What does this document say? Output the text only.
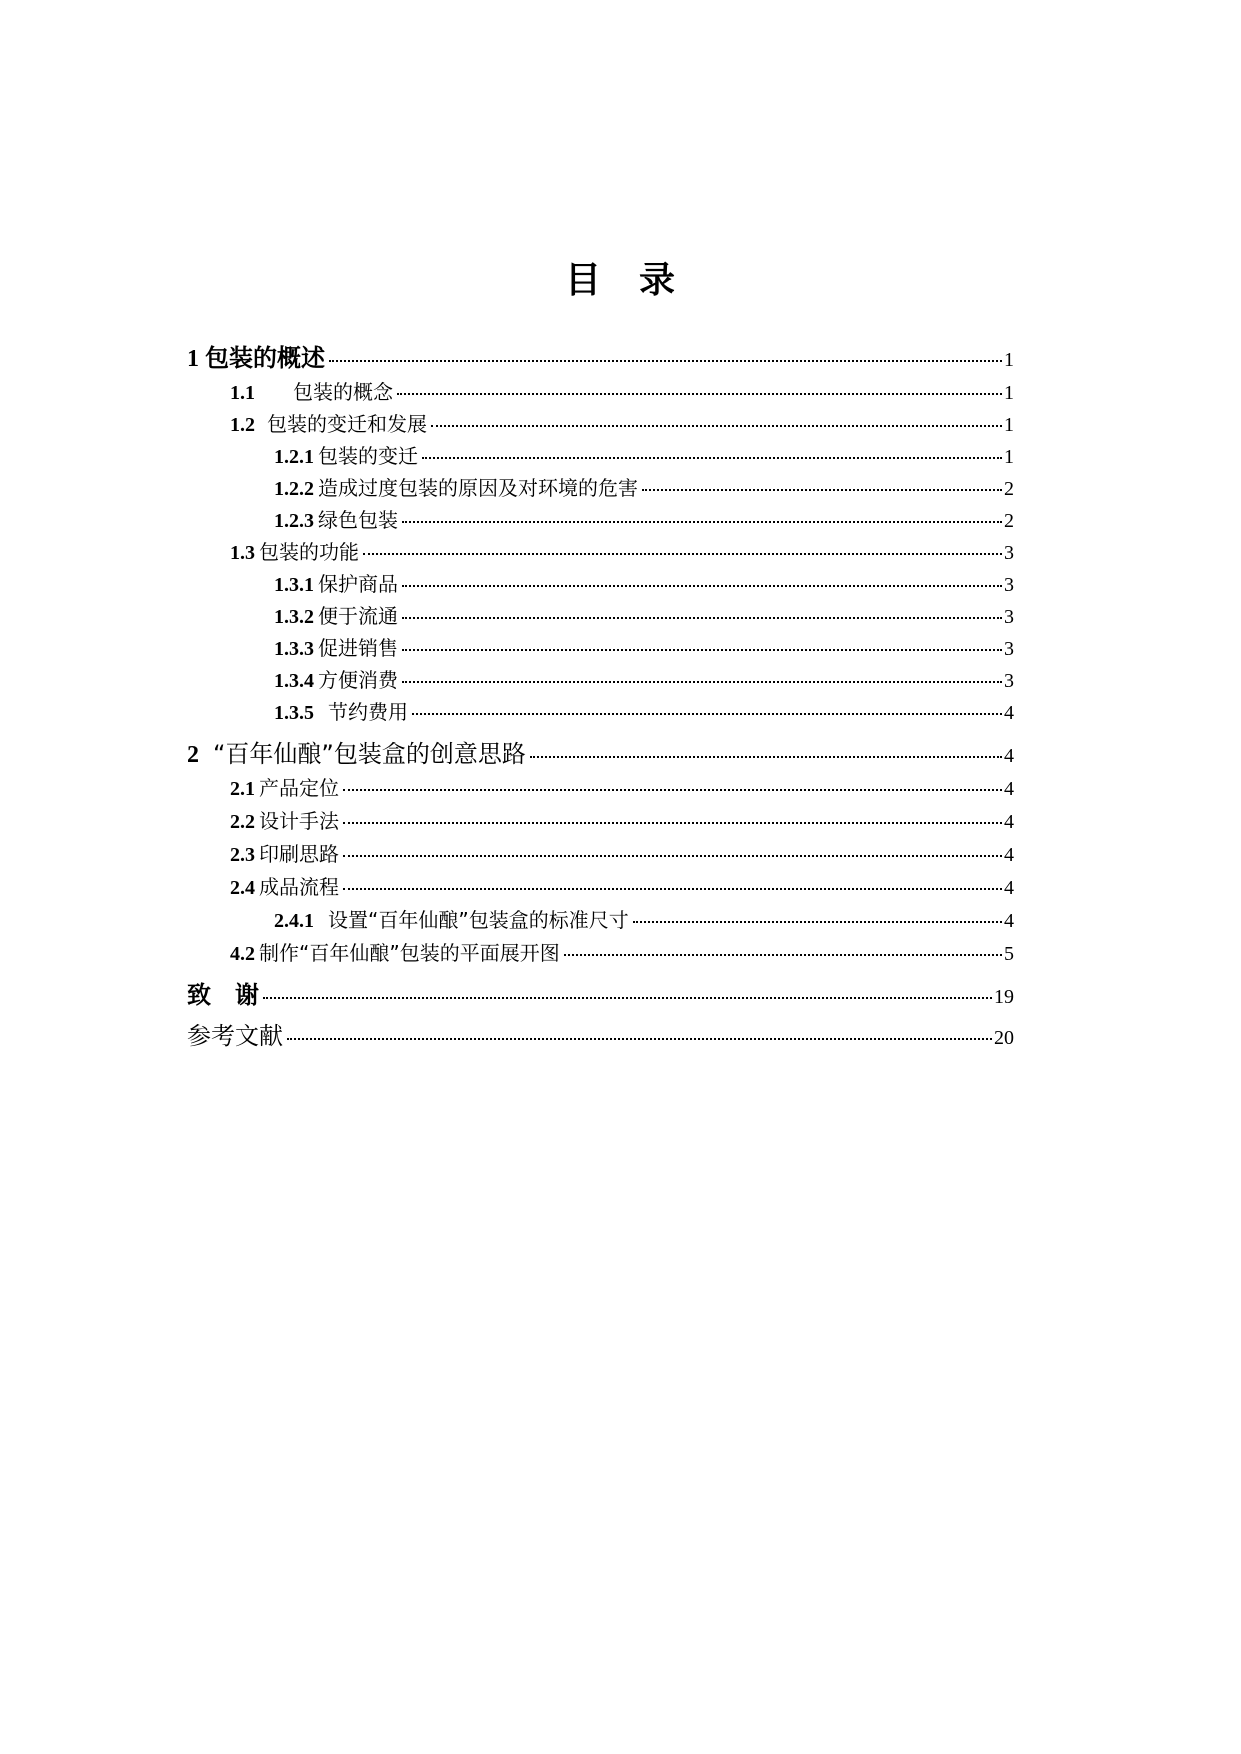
目　录
1 包装的概述	1
1.1 包装的概念	1
1.2 包装的变迁和发展	1
1.2.1 包装的变迁	1
1.2.2 造成过度包装的原因及对环境的危害	2
1.2.3 绿色包装	2
1.3 包装的功能	3
1.3.1 保护商品	3
1.3.2 便于流通	3
1.3.3 促进销售	3
1.3.4 方便消费	3
1.3.5 节约费用	4
2 “百年仙酿”包装盒的创意思路	4
2.1 产品定位	4
2.2 设计手法	4
2.3 印刷思路	4
2.4 成品流程	4
2.4.1 设置“百年仙酿”包装盒的标准尺寸	4
4.2 制作“百年仙酿”包装的平面展开图	5
致　谢	19
参考文献	20
